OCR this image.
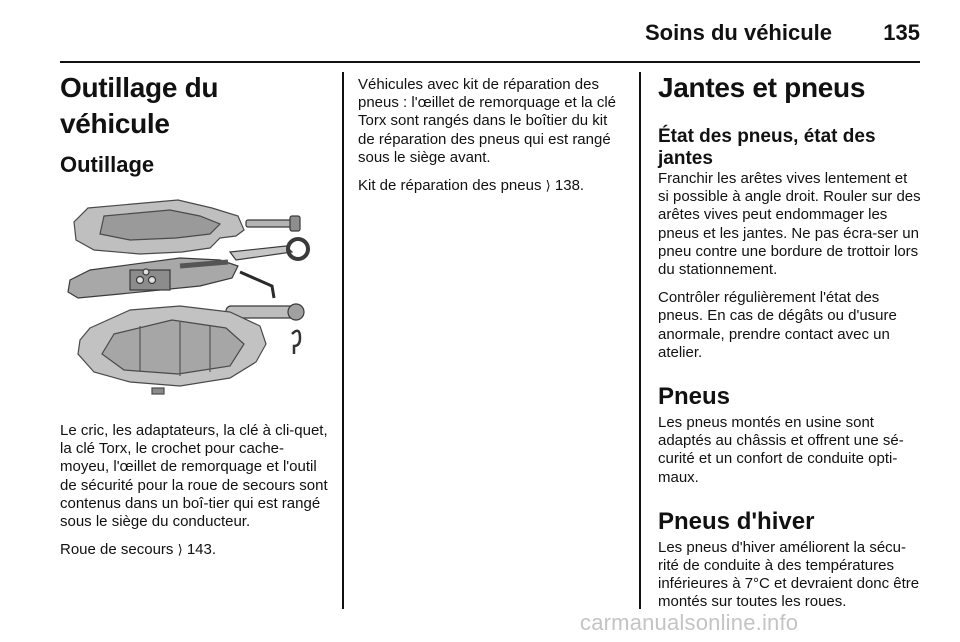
Soins du véhicule 135
Outillage du véhicule
Outillage

Le cric, les adaptateurs, la clé à cli-quet, la clé Torx, le crochet pour cache-moyeu, l'œillet de remorquage et l'outil de sécurité pour la roue de secours sont contenus dans un boî-tier qui est rangé sous le siège du conducteur.

Roue de secours ⟩ 143.

Véhicules avec kit de réparation des pneus : l'œillet de remorquage et la clé Torx sont rangés dans le boîtier du kit de réparation des pneus qui est rangé sous le siège avant.

Kit de réparation des pneus ⟩ 138.

Jantes et pneus
État des pneus, état des jantes

Franchir les arêtes vives lentement et si possible à angle droit. Rouler sur des arêtes vives peut endommager les pneus et les jantes. Ne pas écra-ser un pneu contre une bordure de trottoir lors du stationnement.

Contrôler régulièrement l'état des pneus. En cas de dégâts ou d'usure anormale, prendre contact avec un atelier.

Pneus

Les pneus montés en usine sont adaptés au châssis et offrent une sé-curité et un confort de conduite opti-maux.

Pneus d'hiver

Les pneus d'hiver améliorent la sécu-rité de conduite à des températures inférieures à 7°C et devraient donc être montés sur toutes les roues.

carmanualsonline.info
